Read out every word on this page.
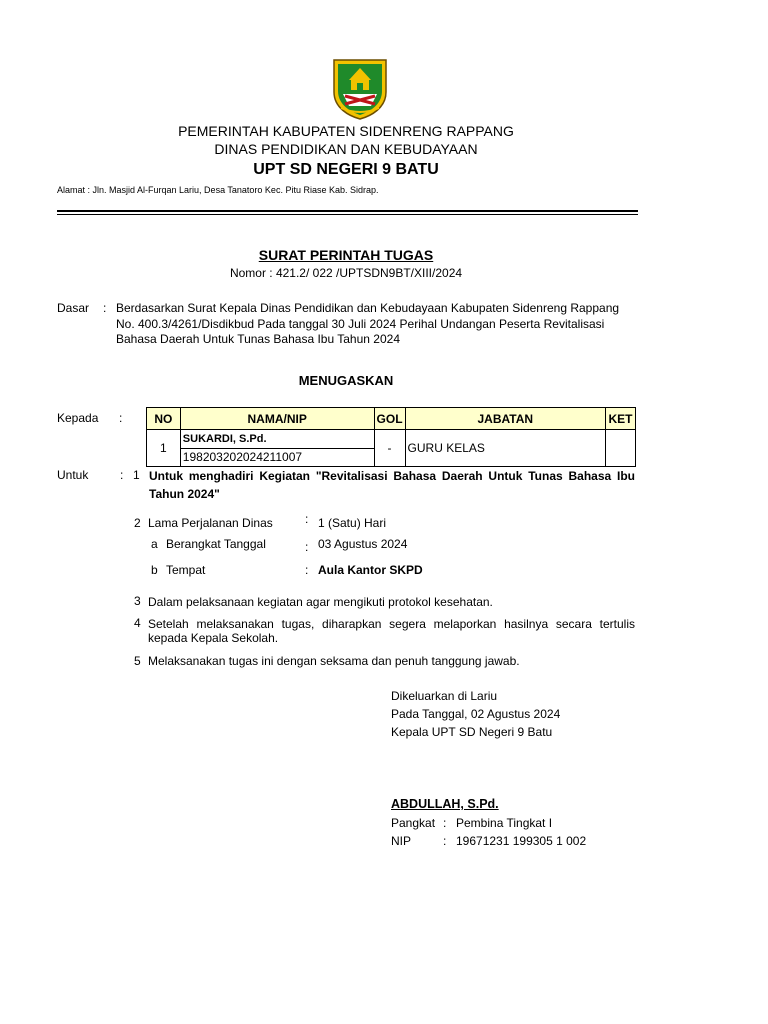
PEMERINTAH KABUPATEN SIDENRENG RAPPANG
DINAS PENDIDIKAN DAN KEBUDAYAAN
UPT SD NEGERI 9 BATU
Alamat : Jln. Masjid Al-Furqan Lariu, Desa Tanatoro Kec. Pitu Riase Kab. Sidrap.
SURAT PERINTAH TUGAS
Nomor : 421.2/ 022 /UPTSDN9BT/XIII/2024
Dasar : Berdasarkan Surat Kepala Dinas Pendidikan dan Kebudayaan Kabupaten Sidenreng Rappang
No. 400.3/4261/Disdikbud Pada tanggal 30 Juli 2024 Perihal Undangan Peserta Revitalisasi
Bahasa Daerah Untuk Tunas Bahasa Ibu Tahun 2024
MENUGASKAN
Kepada :	NO	NAMA/NIP	GOL	JABATAN	KET
1	SUKARDI, S.Pd.	-	GURU KELAS	
	198203202024211007			
Untuk	: 1 Untuk menghadiri Kegiatan "Revitalisasi Bahasa Daerah Untuk Tunas Bahasa Ibu
Tahun 2024"
2 Lama Perjalanan Dinas	: 1 (Satu) Hari
a Berangkat Tanggal	: 03 Agustus 2024
b Tempat	: Aula Kantor SKPD
3 Dalam pelaksanaan kegiatan agar mengikuti protokol kesehatan.
4 Setelah melaksanakan tugas, diharapkan segera melaporkan hasilnya secara tertulis
kepada Kepala Sekolah.
5 Melaksanakan tugas ini dengan seksama dan penuh tanggung jawab.
Dikeluarkan di Lariu
Pada Tanggal, 02 Agustus 2024
Kepala UPT SD Negeri 9 Batu
ABDULLAH, S.Pd.
Pangkat : Pembina Tingkat I
NIP	: 19671231 199305 1 002
